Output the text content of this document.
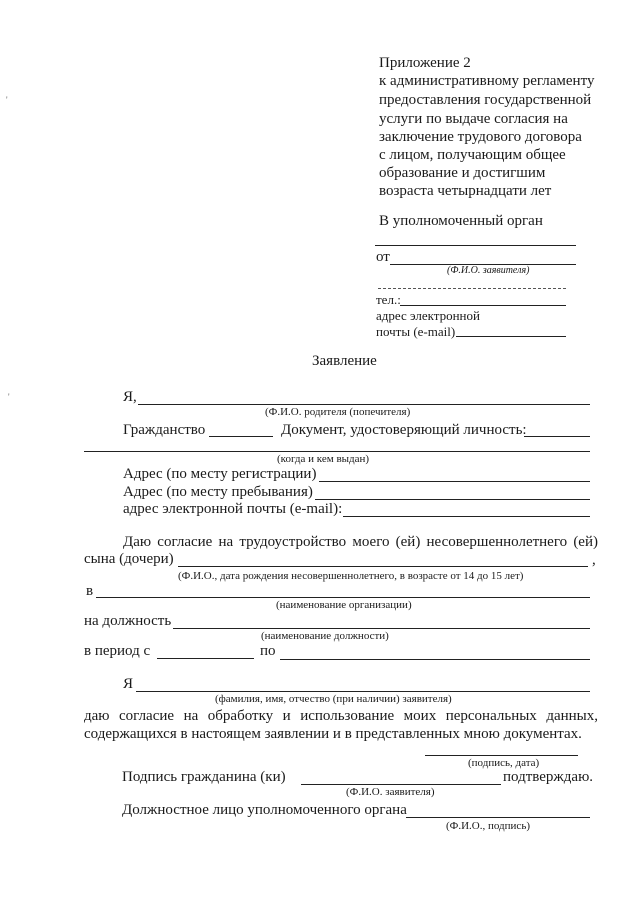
Приложение 2
к административному регламенту
предоставления государственной
услуги по выдаче согласия на
заключение трудового договора
с лицом, получающим общее
образование и достигшим
возраста четырнадцати лет
В уполномоченный орган
от
(Ф.И.О. заявителя)
тел.:
адрес электронной
почты (e-mail)
Заявление
Я,
(Ф.И.О. родителя (попечителя)
Гражданство	Документ, удостоверяющий личность:
(когда и кем выдан)
Адрес (по месту регистрации)
Адрес (по месту пребывания)
адрес электронной почты (e-mail):
Даю согласие на трудоустройство моего (ей) несовершеннолетнего (ей)
сына (дочери)	,
(Ф.И.О., дата рождения несовершеннолетнего, в возрасте от 14 до 15 лет)
в
(наименование организации)
на должность
(наименование должности)
в период с	по
Я
(фамилия, имя, отчество (при наличии) заявителя)
даю согласие на обработку и использование моих персональных данных,
содержащихся в настоящем заявлении и в представленных мною документах.
(подпись, дата)
Подпись гражданина (ки)	подтверждаю.
(Ф.И.О. заявителя)
Должностное лицо уполномоченного органа
(Ф.И.О., подпись)
'
'
